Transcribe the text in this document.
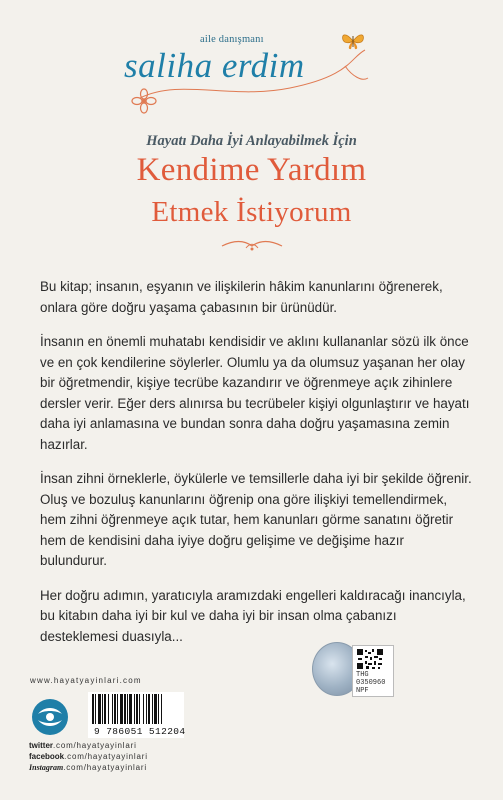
aile danışmanı
saliha erdim
Hayatı Daha İyi Anlayabilmek İçin
Kendime Yardım
Etmek İstiyorum

Bu kitap; insanın, eşyanın ve ilişkilerin hâkim kanunlarını öğrenerek, onlara göre doğru yaşama çabasının bir ürünüdür.

İnsanın en önemli muhatabı kendisidir ve aklını kullananlar sözü ilk önce ve en çok kendilerine söylerler. Olumlu ya da olumsuz yaşanan her olay bir öğretmendir, kişiye tecrübe kazandırır ve öğrenmeye açık zihinlere dersler verir. Eğer ders alınırsa bu tecrübeler kişiyi olgunlaştırır ve hayatı daha iyi anlamasına ve bundan sonra daha doğru yaşamasına zemin hazırlar.

İnsan zihni örneklerle, öykülerle ve temsillerle daha iyi bir şekilde öğrenir. Oluş ve bozuluş kanunlarını öğrenip ona göre ilişkiyi temellendirmek, hem zihni öğrenmeye açık tutar, hem kanunları görme sanatını öğretir hem de kendisini daha iyiye doğru gelişime ve değişime hazır bulundurur.

Her doğru adımın, yaratıcıyla aramızdaki engelleri kaldıracağı inancıyla, bu kitabın daha iyi bir kul ve daha iyi bir insan olma çabanızı desteklemesi duasıyla...

THG
0350960
NPF
www.hayatyayinlari.com
9 786051 512204
twitter.com/hayatyayinlari
facebook.com/hayatyayinlari
Instagram.com/hayatyayinlari
